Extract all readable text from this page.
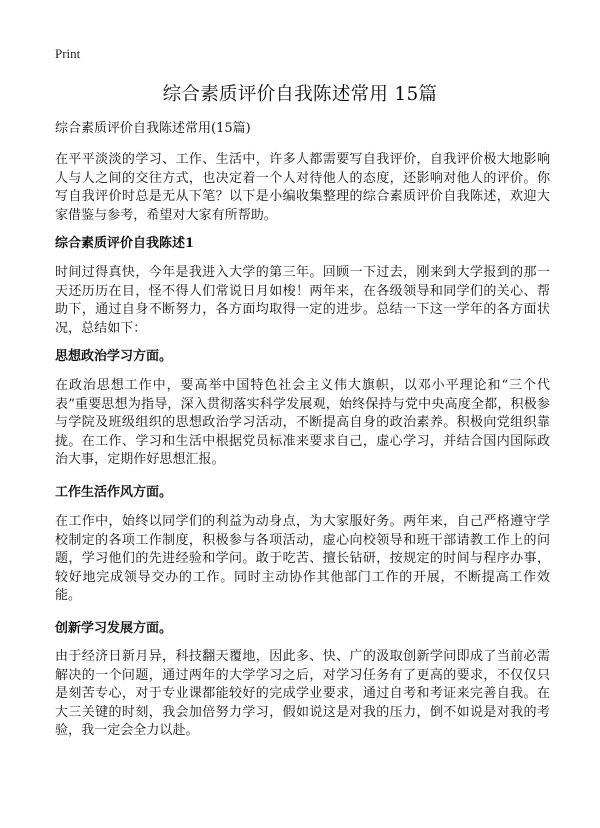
Print
综合素质评价自我陈述常用 15篇
综合素质评价自我陈述常用(15篇)

在平平淡淡的学习、工作、生活中，许多人都需要写自我评价，自我评价极大地影响人与人之间的交往方式，也决定着一个人对待他人的态度，还影响对他人的评价。你写自我评价时总是无从下笔？以下是小编收集整理的综合素质评价自我陈述，欢迎大家借鉴与参考，希望对大家有所帮助。

综合素质评价自我陈述1

时间过得真快，今年是我进入大学的第三年。回顾一下过去，刚来到大学报到的那一天还历历在目，怪不得人们常说日月如梭！两年来，在各级领导和同学们的关心、帮助下，通过自身不断努力，各方面均取得一定的进步。总结一下这一学年的各方面状况，总结如下：

思想政治学习方面。

在政治思想工作中，要高举中国特色社会主义伟大旗帜，以邓小平理论和“三个代表”重要思想为指导，深入贯彻落实科学发展观，始终保持与党中央高度全都，积极参与学院及班级组织的思想政治学习活动，不断提高自身的政治素养。积极向党组织靠拢。在工作、学习和生活中根据党员标准来要求自己，虚心学习，并结合国内国际政治大事，定期作好思想汇报。

工作生活作风方面。

在工作中，始终以同学们的利益为动身点，为大家服好务。两年来，自己严格遵守学校制定的各项工作制度，积极参与各项活动，虚心向校领导和班干部请教工作上的问题，学习他们的先进经验和学问。敢于吃苦、擅长钻研，按规定的时间与程序办事，较好地完成领导交办的工作。同时主动协作其他部门工作的开展，不断提高工作效能。

创新学习发展方面。

由于经济日新月异，科技翻天覆地，因此多、快、广的汲取创新学问即成了当前必需解决的一个问题，通过两年的大学学习之后，对学习任务有了更高的要求，不仅仅只是刻苦专心，对于专业课都能较好的完成学业要求，通过自考和考证来完善自我。在大三关键的时刻，我会加倍努力学习，假如说这是对我的压力，倒不如说是对我的考验，我一定会全力以赴。
